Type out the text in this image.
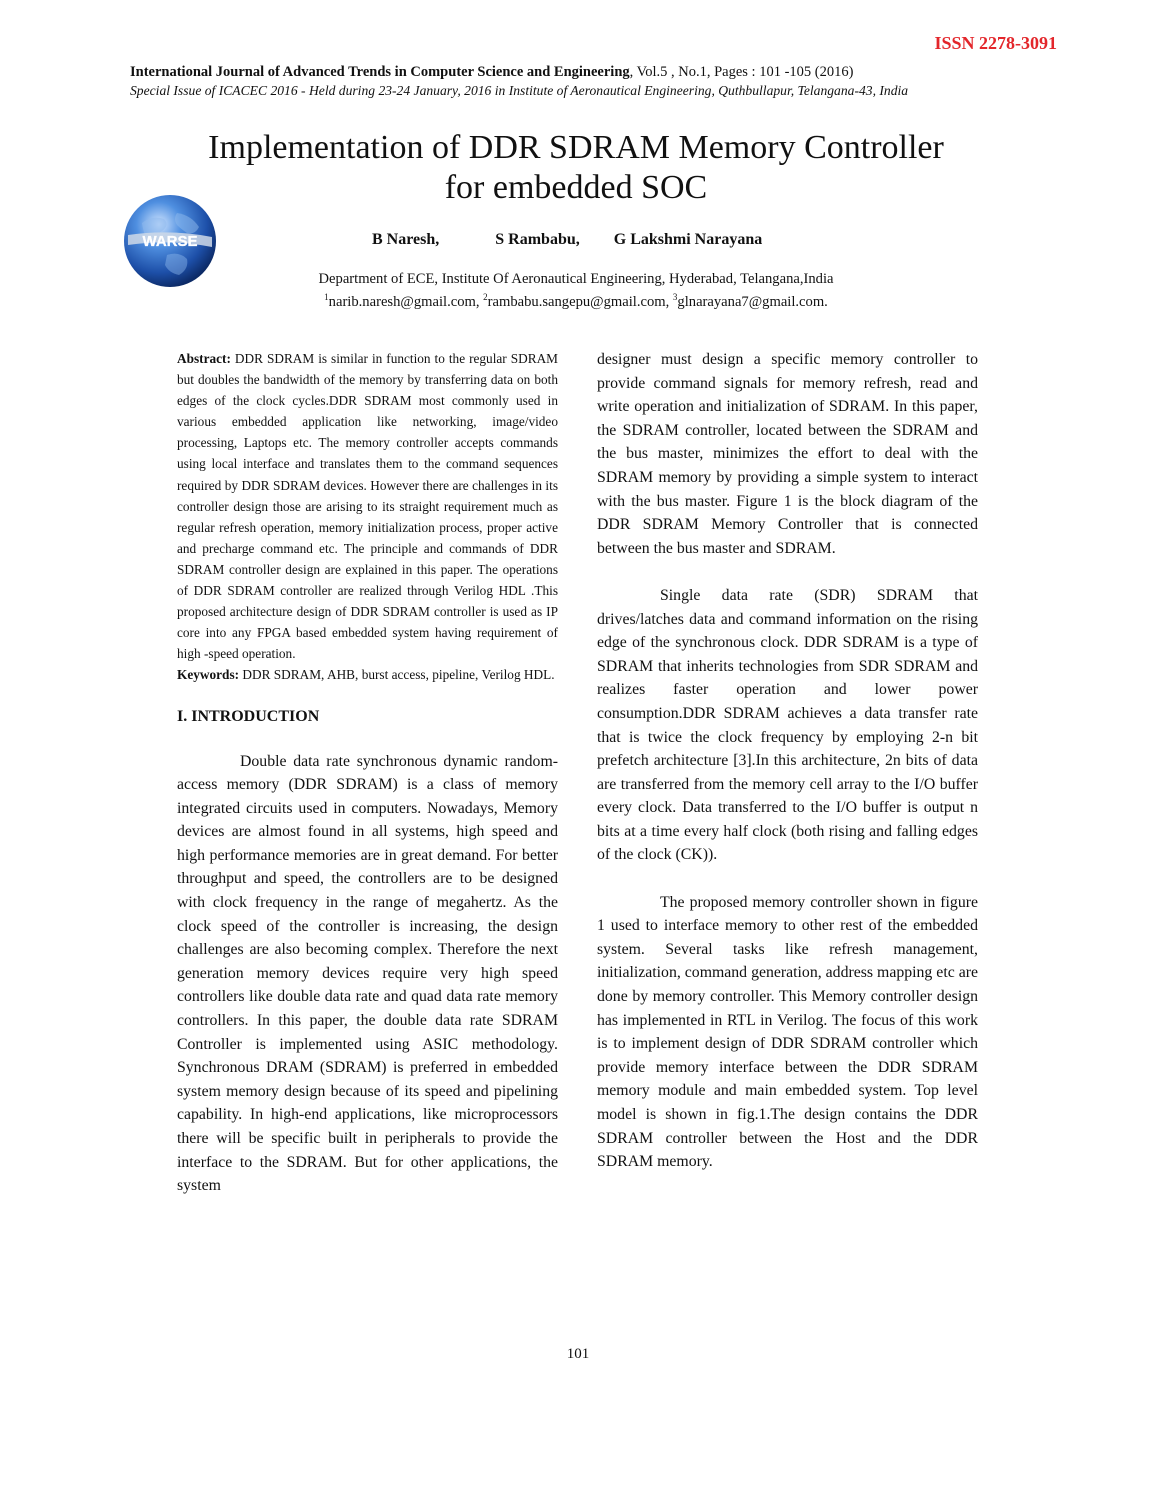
ISSN 2278-3091
International Journal of Advanced Trends in Computer Science and Engineering, Vol.5 , No.1, Pages : 101 -105 (2016)
Special Issue of ICACEC 2016 - Held during 23-24 January, 2016 in Institute of Aeronautical Engineering, Quthbullapur, Telangana-43, India
Implementation of DDR SDRAM Memory Controller
for embedded SOC
WARSE	B Naresh,	S Rambabu, G Lakshmi Narayana
Department of ECE, Institute Of Aeronautical Engineering, Hyderabad, Telangana,India
$^1$narib.naresh@gmail.com, $^2$rambabu.sangepu@gmail.com, $^3$glnarayana7@gmail.com.

Abstract: DDR SDRAM is similar in function to the regular SDRAM but doubles the bandwidth of the memory by transferring data on both edges of the clock cycles.DDR SDRAM most commonly used in various embedded application like networking, image/video processing, Laptops etc. The memory controller accepts commands using local interface and translates them to the command sequences required by DDR SDRAM devices. However there are challenges in its controller design those are arising to its straight requirement much as regular refresh operation, memory initialization process, proper active and precharge command etc. The principle and commands of DDR SDRAM controller design are explained in this paper. The operations of DDR SDRAM controller are realized through Verilog HDL .This proposed architecture design of DDR SDRAM controller is used as IP core into any FPGA based embedded system having requirement of high -speed operation.

Keywords: DDR SDRAM, AHB, burst access, pipeline, Verilog HDL.

I. INTRODUCTION

Double data rate synchronous dynamic random-access memory (DDR SDRAM) is a class of memory integrated circuits used in computers. Nowadays, Memory devices are almost found in all systems, high speed and high performance memories are in great demand. For better throughput and speed, the controllers are to be designed with clock frequency in the range of megahertz. As the clock speed of the controller is increasing, the design challenges are also becoming complex. Therefore the next generation memory devices require very high speed controllers like double data rate and quad data rate memory controllers. In this paper, the double data rate SDRAM Controller is implemented using ASIC methodology. Synchronous DRAM (SDRAM) is preferred in embedded system memory design because of its speed and pipelining capability. In high-end applications, like microprocessors there will be specific built in peripherals to provide the interface to the SDRAM. But for other applications, the system

designer must design a specific memory controller to provide command signals for memory refresh, read and write operation and initialization of SDRAM. In this paper, the SDRAM controller, located between the SDRAM and the bus master, minimizes the effort to deal with the SDRAM memory by providing a simple system to interact with the bus master. Figure 1 is the block diagram of the DDR SDRAM Memory Controller that is connected between the bus master and SDRAM.

Single data rate (SDR) SDRAM that drives/latches data and command information on the rising edge of the synchronous clock. DDR SDRAM is a type of SDRAM that inherits technologies from SDR SDRAM and realizes faster operation and lower power consumption.DDR SDRAM achieves a data transfer rate that is twice the clock frequency by employing 2-n bit prefetch architecture [3].In this architecture, 2n bits of data are transferred from the memory cell array to the I/O buffer every clock. Data transferred to the I/O buffer is output n bits at a time every half clock (both rising and falling edges of the clock (CK)).

The proposed memory controller shown in figure 1 used to interface memory to other rest of the embedded system. Several tasks like refresh management, initialization, command generation, address mapping etc are done by memory controller. This Memory controller design has implemented in RTL in Verilog. The focus of this work is to implement design of DDR SDRAM controller which provide memory interface between the DDR SDRAM memory module and main embedded system. Top level model is shown in fig.1.The design contains the DDR SDRAM controller between the Host and the DDR SDRAM memory.

101
